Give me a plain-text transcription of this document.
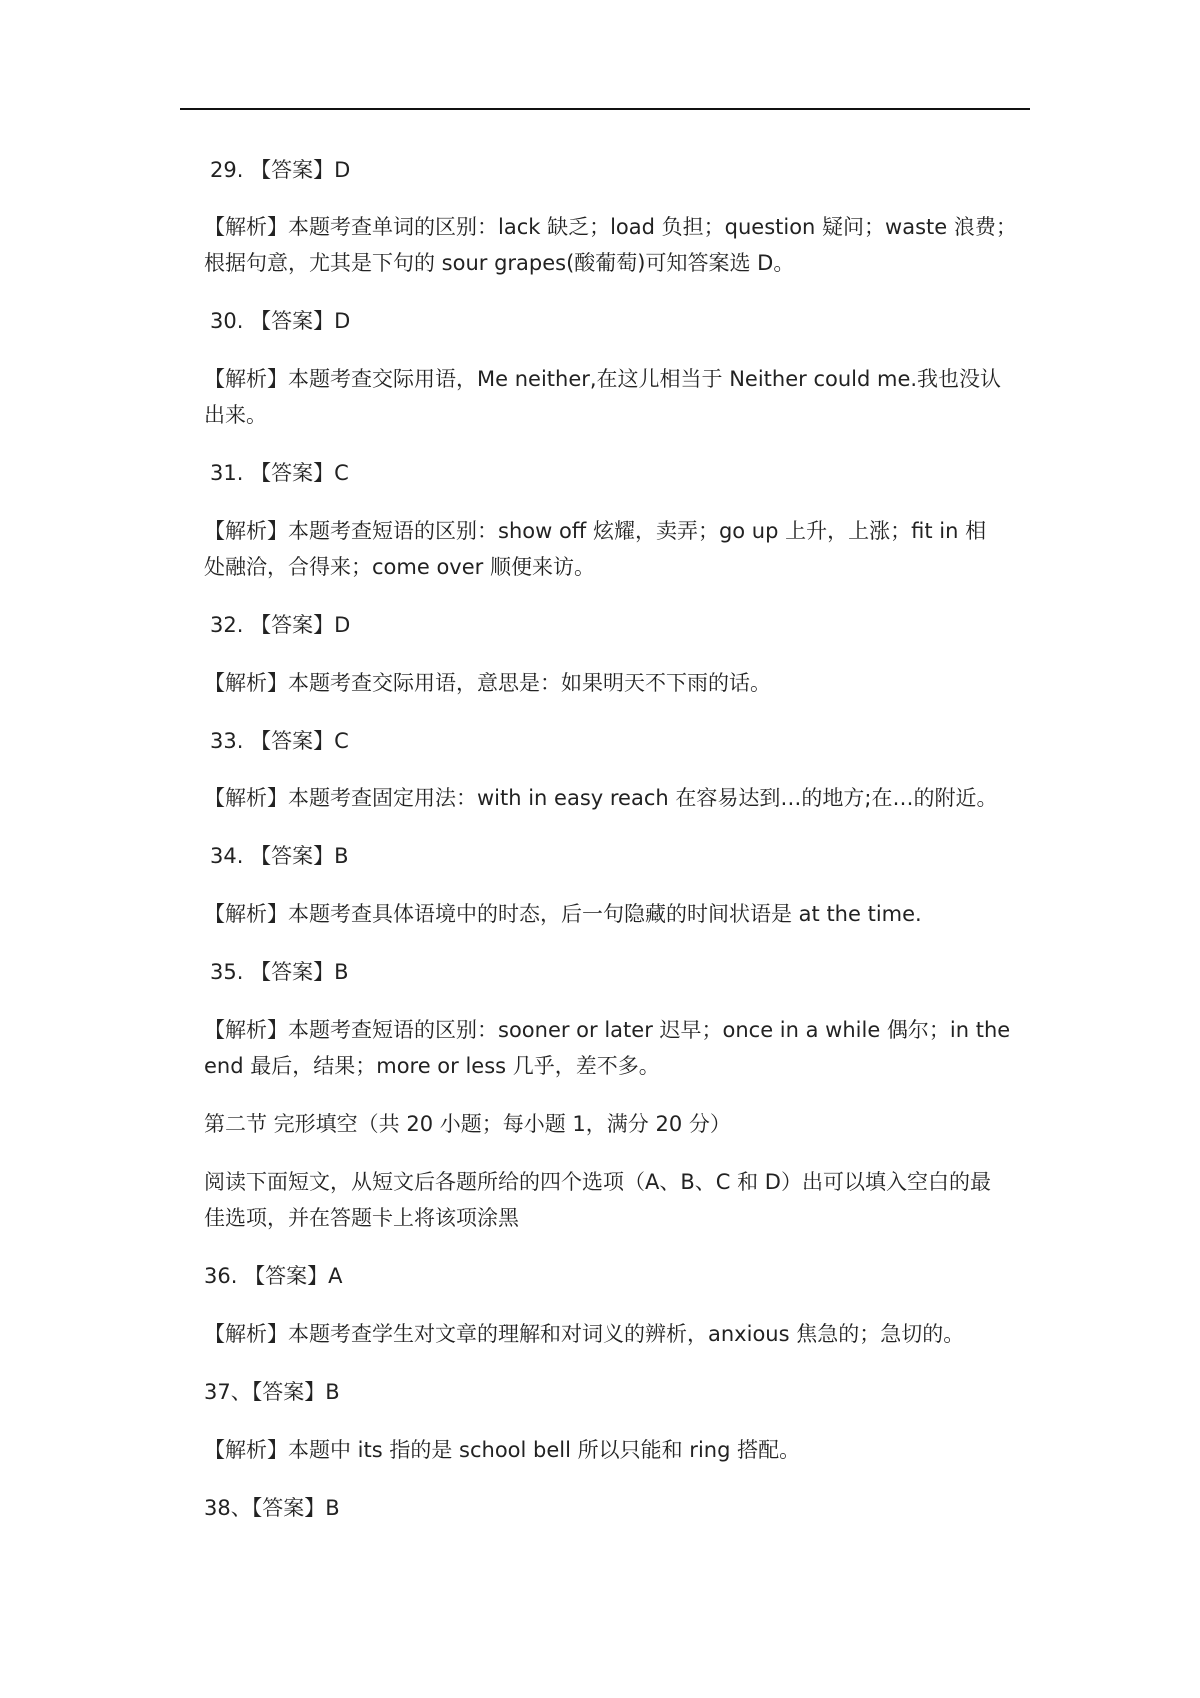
29. 【答案】D
【解析】本题考查单词的区别：lack 缺乏；load 负担；question 疑问；waste 浪费；
根据句意，尤其是下句的 sour grapes(酸葡萄)可知答案选 D。
30. 【答案】D
【解析】本题考查交际用语，Me neither,在这儿相当于 Neither could me.我也没认
出来。
31. 【答案】C
【解析】本题考查短语的区别：show off 炫耀，卖弄；go up 上升，上涨；fit in 相
处融洽，合得来；come over 顺便来访。
32. 【答案】D
【解析】本题考查交际用语，意思是：如果明天不下雨的话。
33. 【答案】C
【解析】本题考查固定用法：with in easy reach 在容易达到…的地方;在…的附近。
34. 【答案】B
【解析】本题考查具体语境中的时态，后一句隐藏的时间状语是 at the time.
35. 【答案】B
【解析】本题考查短语的区别：sooner or later 迟早；once in a while 偶尔；in the
end 最后，结果；more or less 几乎，差不多。
第二节 完形填空（共 20 小题；每小题 1，满分 20 分）
阅读下面短文，从短文后各题所给的四个选项（A、B、C 和 D）出可以填入空白的最
佳选项，并在答题卡上将该项涂黑
36. 【答案】A
【解析】本题考查学生对文章的理解和对词义的辨析，anxious 焦急的；急切的。
37、【答案】B
【解析】本题中 its 指的是 school bell 所以只能和 ring 搭配。
38、【答案】B
